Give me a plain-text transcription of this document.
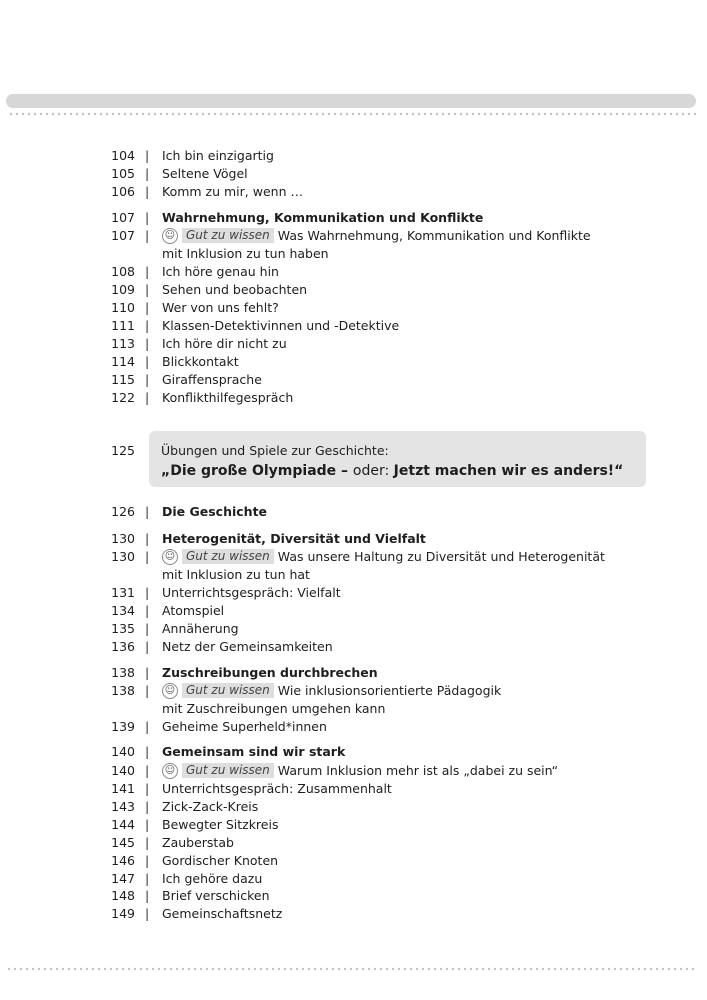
104 | Ich bin einzigartig
105 | Seltene Vögel
106 | Komm zu mir, wenn …
107 | Wahrnehmung, Kommunikation und Konflikte
107 | ☺ Gut zu wissen Was Wahrnehmung, Kommunikation und Konflikte
mit Inklusion zu tun haben
108 | Ich höre genau hin
109 | Sehen und beobachten
110 | Wer von uns fehlt?
111 | Klassen-Detektivinnen und -Detektive
113 | Ich höre dir nicht zu
114 | Blickkontakt
115 | Giraffensprache
122 | Konflikthilfegespräch
125 Übungen und Spiele zur Geschichte:
„Die große Olympiade – oder: Jetzt machen wir es anders!“
126 | Die Geschichte
130 | Heterogenität, Diversität und Vielfalt
130 | ☺ Gut zu wissen Was unsere Haltung zu Diversität und Heterogenität
mit Inklusion zu tun hat
131 | Unterrichtsgespräch: Vielfalt
134 | Atomspiel
135 | Annäherung
136 | Netz der Gemeinsamkeiten
138 | Zuschreibungen durchbrechen
138 | ☺ Gut zu wissen Wie inklusionsorientierte Pädagogik
mit Zuschreibungen umgehen kann
139 | Geheime Superheld*innen
140 | Gemeinsam sind wir stark
140 | ☺ Gut zu wissen Warum Inklusion mehr ist als „dabei zu sein“
141 | Unterrichtsgespräch: Zusammenhalt
143 | Zick-Zack-Kreis
144 | Bewegter Sitzkreis
145 | Zauberstab
146 | Gordischer Knoten
147 | Ich gehöre dazu
148 | Brief verschicken
149 | Gemeinschaftsnetz
